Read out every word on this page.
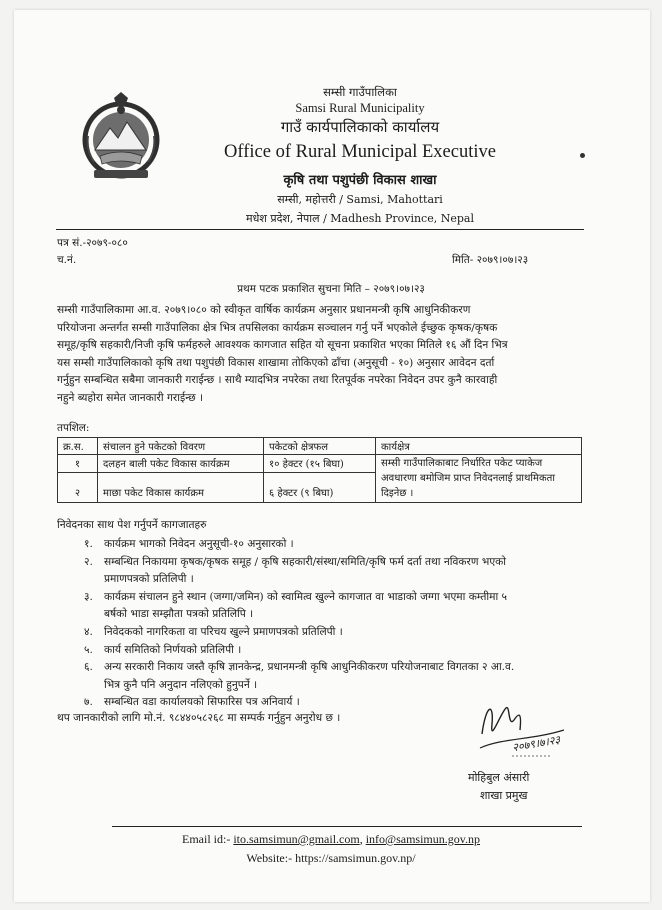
सम्सी गाउँपालिका
Samsi Rural Municipality
गाउँ कार्यपालिकाको कार्यालय
Office of Rural Municipal Executive
कृषि तथा पशुपंछी विकास शाखा
सम्सी, महोत्तरी / Samsi, Mahottari
मधेश प्रदेश, नेपाल / Madhesh Province, Nepal
पत्र सं.-२०७९-०८०
च.नं.	मिति- २०७९।०७।२३
प्रथम पटक प्रकाशित सुचना मिति – २०७९।०७।२३
सम्सी गाउँपालिकामा आ.व. २०७९।०८० को स्वीकृत वार्षिक कार्यक्रम अनुसार प्रधानमन्त्री कृषि आधुनिकीकरण
परियोजना अन्तर्गत सम्सी गाउँपालिका क्षेत्र भित्र तपसिलका कार्यक्रम सञ्चालन गर्नु पर्ने भएकोले ईच्छुक कृषक/कृषक
समूह/कृषि सहकारी/निजी कृषि फर्महरुले आवश्यक कागजात सहित यो सूचना प्रकाशित भएका मितिले १६ औं दिन भित्र
यस सम्सी गाउँपालिकाको कृषि तथा पशुपंछी विकास शाखामा तोकिएको ढाँचा (अनुसूची - १०) अनुसार आवेदन दर्ता
गर्नुहुन सम्बन्धित सबैमा जानकारी गराईन्छ । साथै म्यादभित्र नपरेका तथा रितपूर्वक नपरेका निवेदन उपर कुनै कारवाही
नहुने ब्यहोरा समेत जानकारी गराईन्छ ।
तपशिल:
क्र.स.	संचालन हुने पकेटको विवरण	पकेटको क्षेत्रफल	कार्यक्षेत्र
१	दलहन बाली पकेट विकास कार्यक्रम	१० हेक्टर (१५ बिघा)	सम्सी गाउँपालिकाबाट निर्धारित पकेट प्याकेज अवधारणा बमोजिम प्राप्त निवेदनलाई प्राथमिकता दिइनेछ ।
२	माछा पकेट विकास कार्यक्रम	६ हेक्टर (९ बिघा)	
निवेदनका साथ पेश गर्नुपर्ने कागजातहरु
१.	कार्यक्रम भागको निवेदन अनुसूची-१० अनुसारको ।
२.	सम्बन्धित निकायमा कृषक/कृषक समूह / कृषि सहकारी/संस्था/समिति/कृषि फर्म दर्ता तथा नविकरण भएको
प्रमाणपत्रको प्रतिलिपी ।
३.	कार्यक्रम संचालन हुने स्थान (जग्गा/जमिन) को स्वामित्व खुल्ने कागजात वा भाडाको जग्गा भएमा कम्तीमा ५
बर्षको भाडा सम्झौता पत्रको प्रतिलिपि ।
४.	निवेदकको नागरिकता वा परिचय खुल्ने प्रमाणपत्रको प्रतिलिपी ।
५.	कार्य समितिको निर्णयको प्रतिलिपी ।
६.	अन्य सरकारी निकाय जस्तै कृषि ज्ञानकेन्द्र, प्रधानमन्त्री कृषि आधुनिकीकरण परियोजनाबाट विगतका २ आ.व.
भित्र कुनै पनि अनुदान नलिएको हुनुपर्ने ।
७.	सम्बन्धित वडा कार्यालयको सिफारिस पत्र अनिवार्य ।
थप जानकारीको लागि मो.नं. ९८४४०५८२६८ मा सम्पर्क गर्नुहुन अनुरोध छ ।
२०७९।७।२३
मोहिबुल अंसारी
शाखा प्रमुख
Email id:- ito.samsimun@gmail.com, info@samsimun.gov.np
Website:- https://samsimun.gov.np/
